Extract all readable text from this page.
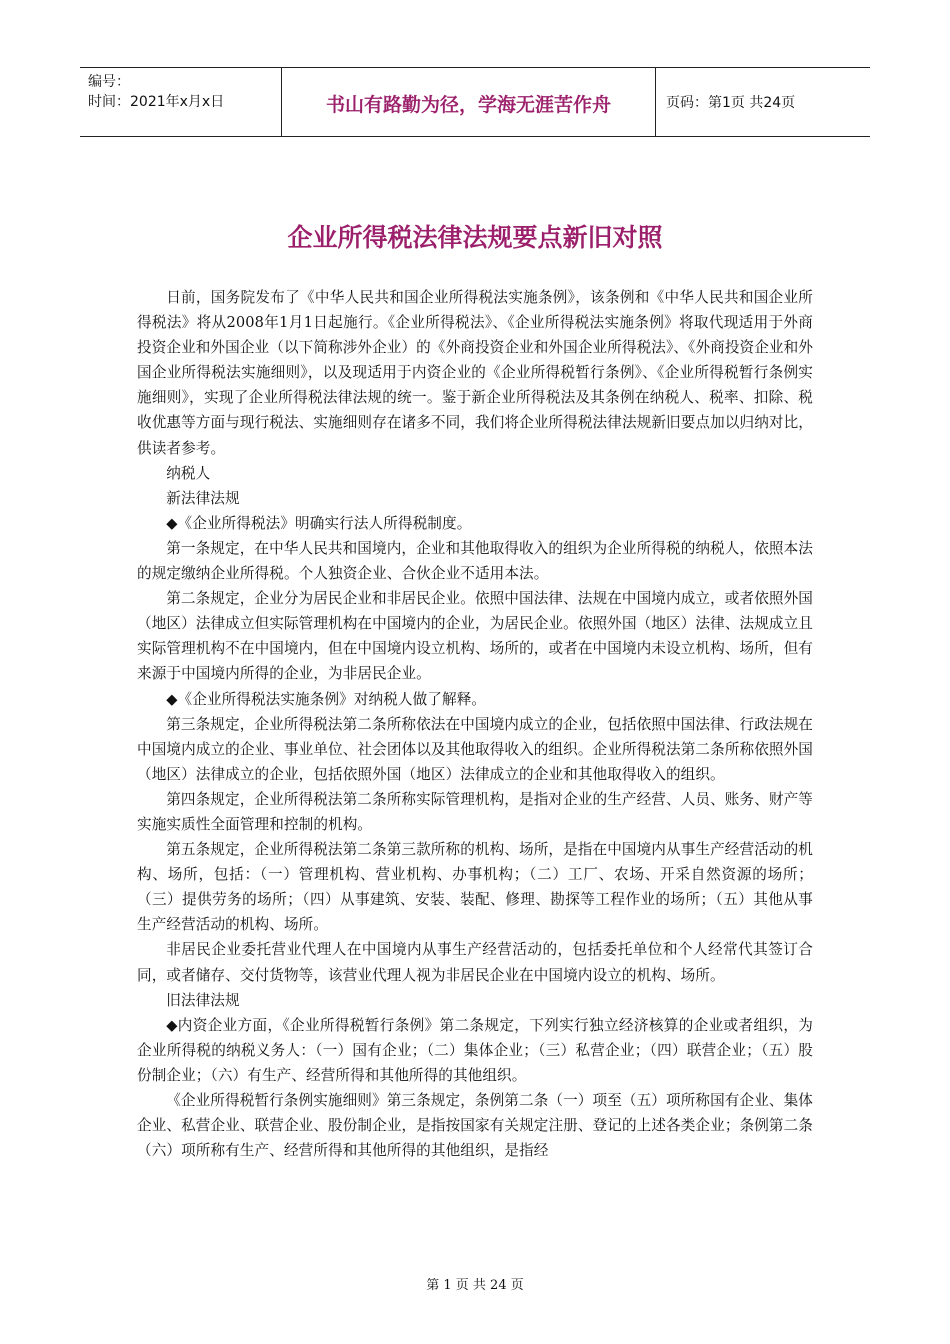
编号：
时间：2021年x月x日	书山有路勤为径，学海无涯苦作舟	页码：第1页 共24页
企业所得税法律法规要点新旧对照

日前，国务院发布了《中华人民共和国企业所得税法实施条例》，该条例和《中华人民共和国企业所得税法》将从2008年1月1日起施行。《企业所得税法》、《企业所得税法实施条例》将取代现适用于外商投资企业和外国企业（以下简称涉外企业）的《外商投资企业和外国企业所得税法》、《外商投资企业和外国企业所得税法实施细则》，以及现适用于内资企业的《企业所得税暂行条例》、《企业所得税暂行条例实施细则》，实现了企业所得税法律法规的统一。鉴于新企业所得税法及其条例在纳税人、税率、扣除、税收优惠等方面与现行税法、实施细则存在诸多不同，我们将企业所得税法律法规新旧要点加以归纳对比，供读者参考。

纳税人

新法律法规

◆《企业所得税法》明确实行法人所得税制度。

第一条规定，在中华人民共和国境内，企业和其他取得收入的组织为企业所得税的纳税人，依照本法的规定缴纳企业所得税。个人独资企业、合伙企业不适用本法。

第二条规定，企业分为居民企业和非居民企业。依照中国法律、法规在中国境内成立，或者依照外国（地区）法律成立但实际管理机构在中国境内的企业，为居民企业。依照外国（地区）法律、法规成立且实际管理机构不在中国境内，但在中国境内设立机构、场所的，或者在中国境内未设立机构、场所，但有来源于中国境内所得的企业，为非居民企业。

◆《企业所得税法实施条例》对纳税人做了解释。

第三条规定，企业所得税法第二条所称依法在中国境内成立的企业，包括依照中国法律、行政法规在中国境内成立的企业、事业单位、社会团体以及其他取得收入的组织。企业所得税法第二条所称依照外国（地区）法律成立的企业，包括依照外国（地区）法律成立的企业和其他取得收入的组织。

第四条规定，企业所得税法第二条所称实际管理机构，是指对企业的生产经营、人员、账务、财产等实施实质性全面管理和控制的机构。

第五条规定，企业所得税法第二条第三款所称的机构、场所，是指在中国境内从事生产经营活动的机构、场所，包括：（一）管理机构、营业机构、办事机构；（二）工厂、农场、开采自然资源的场所；（三）提供劳务的场所；（四）从事建筑、安装、装配、修理、勘探等工程作业的场所；（五）其他从事生产经营活动的机构、场所。

非居民企业委托营业代理人在中国境内从事生产经营活动的，包括委托单位和个人经常代其签订合同，或者储存、交付货物等，该营业代理人视为非居民企业在中国境内设立的机构、场所。

旧法律法规

◆内资企业方面，《企业所得税暂行条例》第二条规定，下列实行独立经济核算的企业或者组织，为企业所得税的纳税义务人：（一）国有企业；（二）集体企业；（三）私营企业；（四）联营企业；（五）股份制企业；（六）有生产、经营所得和其他所得的其他组织。

《企业所得税暂行条例实施细则》第三条规定，条例第二条（一）项至（五）项所称国有企业、集体企业、私营企业、联营企业、股份制企业，是指按国家有关规定注册、登记的上述各类企业；条例第二条（六）项所称有生产、经营所得和其他所得的其他组织，是指经

第 1 页 共 24 页
